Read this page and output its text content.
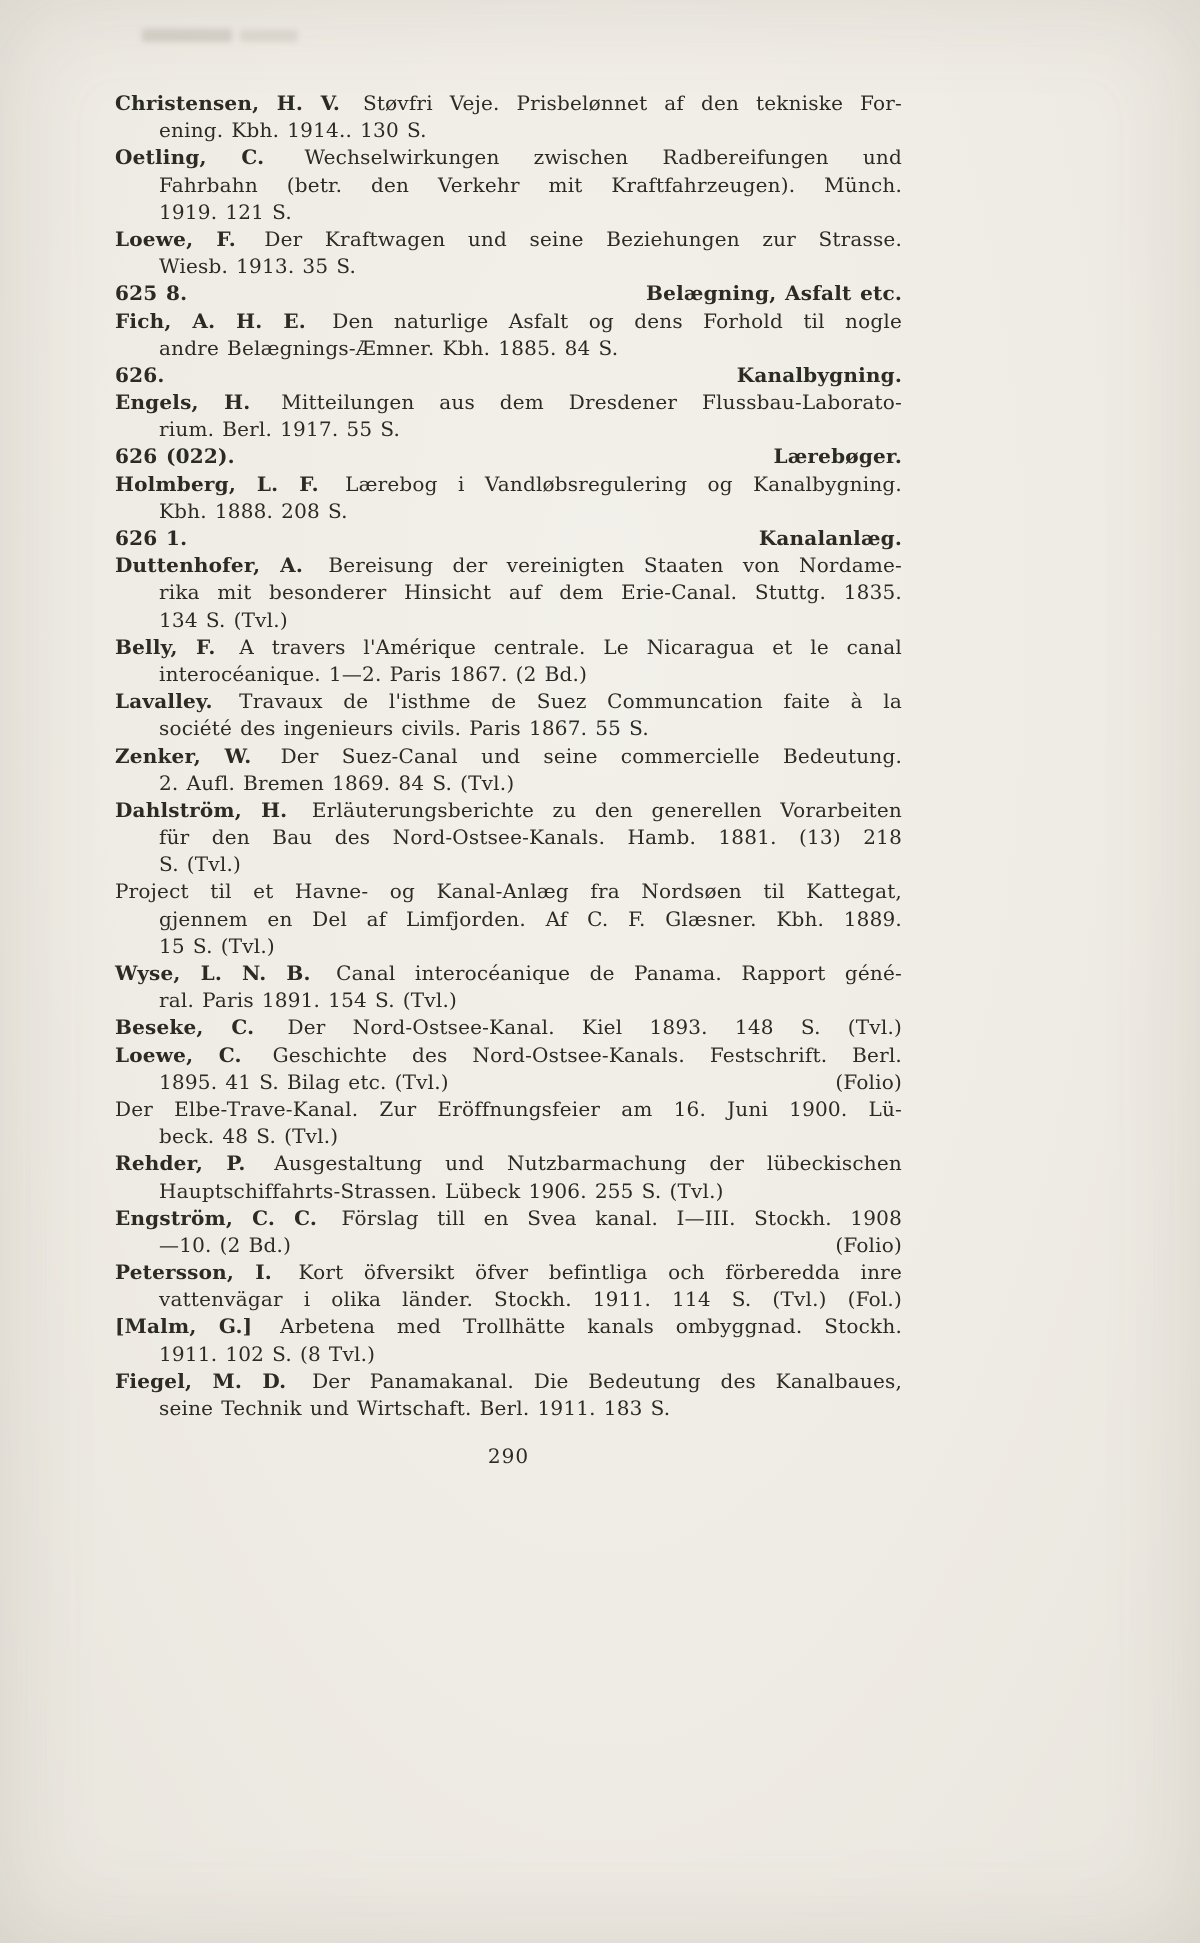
Christensen, H. V. Støvfri Veje. Prisbelønnet af den tekniske For-
ening. Kbh. 1914.. 130 S.
Oetling, C. Wechselwirkungen zwischen Radbereifungen und
Fahrbahn (betr. den Verkehr mit Kraftfahrzeugen). Münch.
1919. 121 S.
Loewe, F. Der Kraftwagen und seine Beziehungen zur Strasse.
Wiesb. 1913. 35 S.
625 8.	Belægning, Asfalt etc.
Fich, A. H. E. Den naturlige Asfalt og dens Forhold til nogle
andre Belægnings-Æmner. Kbh. 1885. 84 S.
626.	Kanalbygning.
Engels, H. Mitteilungen aus dem Dresdener Flussbau-Laborato-
rium. Berl. 1917. 55 S.
626 (022).	Lærebøger.
Holmberg, L. F. Lærebog i Vandløbsregulering og Kanalbygning.
Kbh. 1888. 208 S.
626 1.	Kanalanlæg.
Duttenhofer, A. Bereisung der vereinigten Staaten von Nordame-
rika mit besonderer Hinsicht auf dem Erie-Canal. Stuttg. 1835.
134 S. (Tvl.)
Belly, F. A travers l'Amérique centrale. Le Nicaragua et le canal
interocéanique. 1—2. Paris 1867. (2 Bd.)
Lavalley. Travaux de l'isthme de Suez Communcation faite à la
société des ingenieurs civils. Paris 1867. 55 S.
Zenker, W. Der Suez-Canal und seine commercielle Bedeutung.
2. Aufl. Bremen 1869. 84 S. (Tvl.)
Dahlström, H. Erläuterungsberichte zu den generellen Vorarbeiten
für den Bau des Nord-Ostsee-Kanals. Hamb. 1881. (13) 218
S. (Tvl.)
Project til et Havne- og Kanal-Anlæg fra Nordsøen til Kattegat,
gjennem en Del af Limfjorden. Af C. F. Glæsner. Kbh. 1889.
15 S. (Tvl.)
Wyse, L. N. B. Canal interocéanique de Panama. Rapport géné-
ral. Paris 1891. 154 S. (Tvl.)
Beseke, C. Der Nord-Ostsee-Kanal. Kiel 1893. 148 S. (Tvl.)
Loewe, C. Geschichte des Nord-Ostsee-Kanals. Festschrift. Berl.
1895. 41 S. Bilag etc. (Tvl.)	(Folio)
Der Elbe-Trave-Kanal. Zur Eröffnungsfeier am 16. Juni 1900. Lü-
beck. 48 S. (Tvl.)
Rehder, P. Ausgestaltung und Nutzbarmachung der lübeckischen
Hauptschiffahrts-Strassen. Lübeck 1906. 255 S. (Tvl.)
Engström, C. C. Förslag till en Svea kanal. I—III. Stockh. 1908
—10. (2 Bd.)	(Folio)
Petersson, I. Kort öfversikt öfver befintliga och förberedda inre
vattenvägar i olika länder. Stockh. 1911. 114 S. (Tvl.) (Fol.)
[Malm, G.] Arbetena med Trollhätte kanals ombyggnad. Stockh.
1911. 102 S. (8 Tvl.)
Fiegel, M. D. Der Panamakanal. Die Bedeutung des Kanalbaues,
seine Technik und Wirtschaft. Berl. 1911. 183 S.
290
